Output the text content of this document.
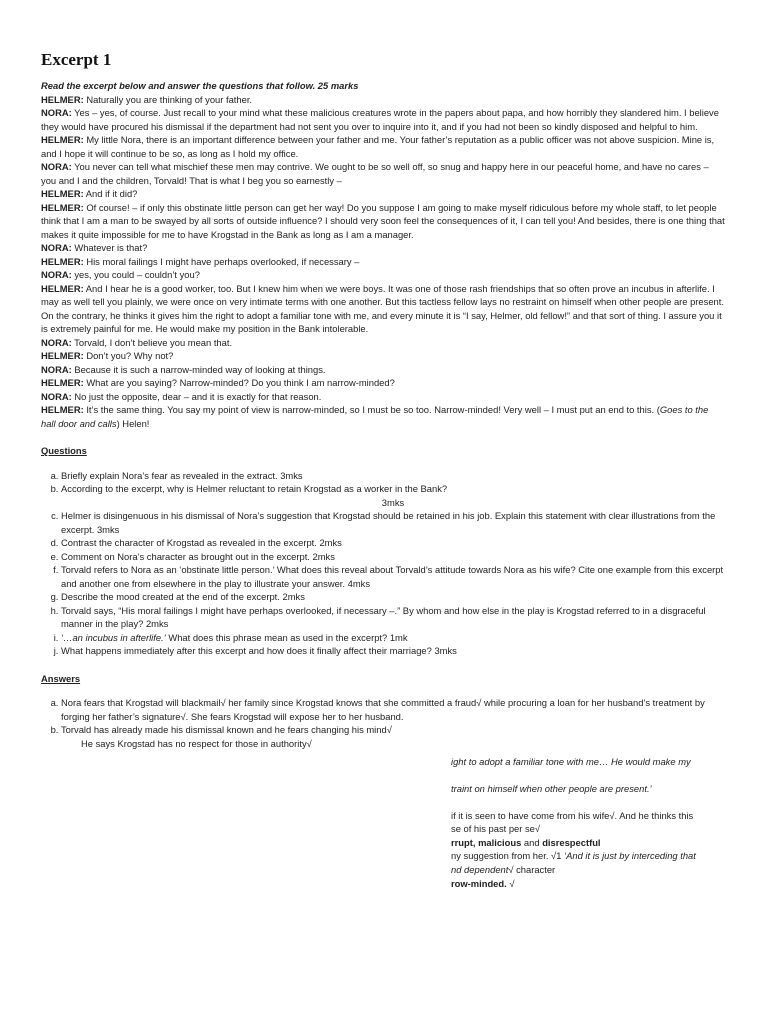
Excerpt 1
Read the excerpt below and answer the questions that follow. 25 marks
HELMER: Naturally you are thinking of your father.
NORA: Yes – yes, of course. Just recall to your mind what these malicious creatures wrote in the papers about papa, and how horribly they slandered him. I believe they would have procured his dismissal if the department had not sent you over to inquire into it, and if you had not been so kindly disposed and helpful to him.
HELMER: My little Nora, there is an important difference between your father and me. Your father’s reputation as a public officer was not above suspicion. Mine is, and I hope it will continue to be so, as long as I hold my office.
NORA: You never can tell what mischief these men may contrive. We ought to be so well off, so snug and happy here in our peaceful home, and have no cares – you and I and the children, Torvald! That is what I beg you so earnestly –
HELMER: And if it did?
HELMER: Of course! – if only this obstinate little person can get her way! Do you suppose I am going to make myself ridiculous before my whole staff, to let people think that I am a man to be swayed by all sorts of outside influence? I should very soon feel the consequences of it, I can tell you! And besides, there is one thing that makes it quite impossible for me to have Krogstad in the Bank as long as I am a manager.
NORA: Whatever is that?
HELMER: His moral failings I might have perhaps overlooked, if necessary –
NORA: yes, you could – couldn’t you?
HELMER: And I hear he is a good worker, too. But I knew him when we were boys. It was one of those rash friendships that so often prove an incubus in afterlife. I may as well tell you plainly, we were once on very intimate terms with one another. But this tactless fellow lays no restraint on himself when other people are present. On the contrary, he thinks it gives him the right to adopt a familiar tone with me, and every minute it is “I say, Helmer, old fellow!” and that sort of thing. I assure you it is extremely painful for me. He would make my position in the Bank intolerable.
NORA: Torvald, I don’t believe you mean that.
HELMER: Don’t you? Why not?
NORA: Because it is such a narrow-minded way of looking at things.
HELMER: What are you saying? Narrow-minded? Do you think I am narrow-minded?
NORA: No just the opposite, dear – and it is exactly for that reason.
HELMER: It’s the same thing. You say my point of view is narrow-minded, so I must be so too. Narrow-minded! Very well – I must put an end to this. (Goes to the hall door and calls) Helen!
Questions
a. Briefly explain Nora’s fear as revealed in the extract. 3mks
b. According to the excerpt, why is Helmer reluctant to retain Krogstad as a worker in the Bank?
3mks
c. Helmer is disingenuous in his dismissal of Nora’s suggestion that Krogstad should be retained in his job. Explain this statement with clear illustrations from the excerpt. 3mks
d. Contrast the character of Krogstad as revealed in the excerpt. 2mks
e. Comment on Nora’s character as brought out in the excerpt. 2mks
f. Torvald refers to Nora as an ‘obstinate little person.’ What does this reveal about Torvald’s attitude towards Nora as his wife? Cite one example from this excerpt and another one from elsewhere in the play to illustrate your answer. 4mks
g. Describe the mood created at the end of the excerpt. 2mks
h. Torvald says, “His moral failings I might have perhaps overlooked, if necessary –.” By whom and how else in the play is Krogstad referred to in a disgraceful manner in the play? 2mks
i. ‘…an incubus in afterlife.’ What does this phrase mean as used in the excerpt? 1mk
j. What happens immediately after this excerpt and how does it finally affect their marriage? 3mks
Answers
a. Nora fears that Krogstad will blackmail√ her family since Krogstad knows that she committed a fraud√ while procuring a loan for her husband’s treatment by forging her father’s signature√. She fears Krogstad will expose her to her husband.
b. Torvald has already made his dismissal known and he fears changing his mind√
i. He says Krogstad has no respect for those in authority√
ight to adopt a familiar tone with me… He would make my
traint on himself when other people are present.’
if it is seen to have come from his wife√. And he thinks this
se of his past per se√
rrupt, malicious and disrespectful
ny suggestion from her. √1 ‘And it is just by interceding that
nd dependent√ character
row-minded. √
